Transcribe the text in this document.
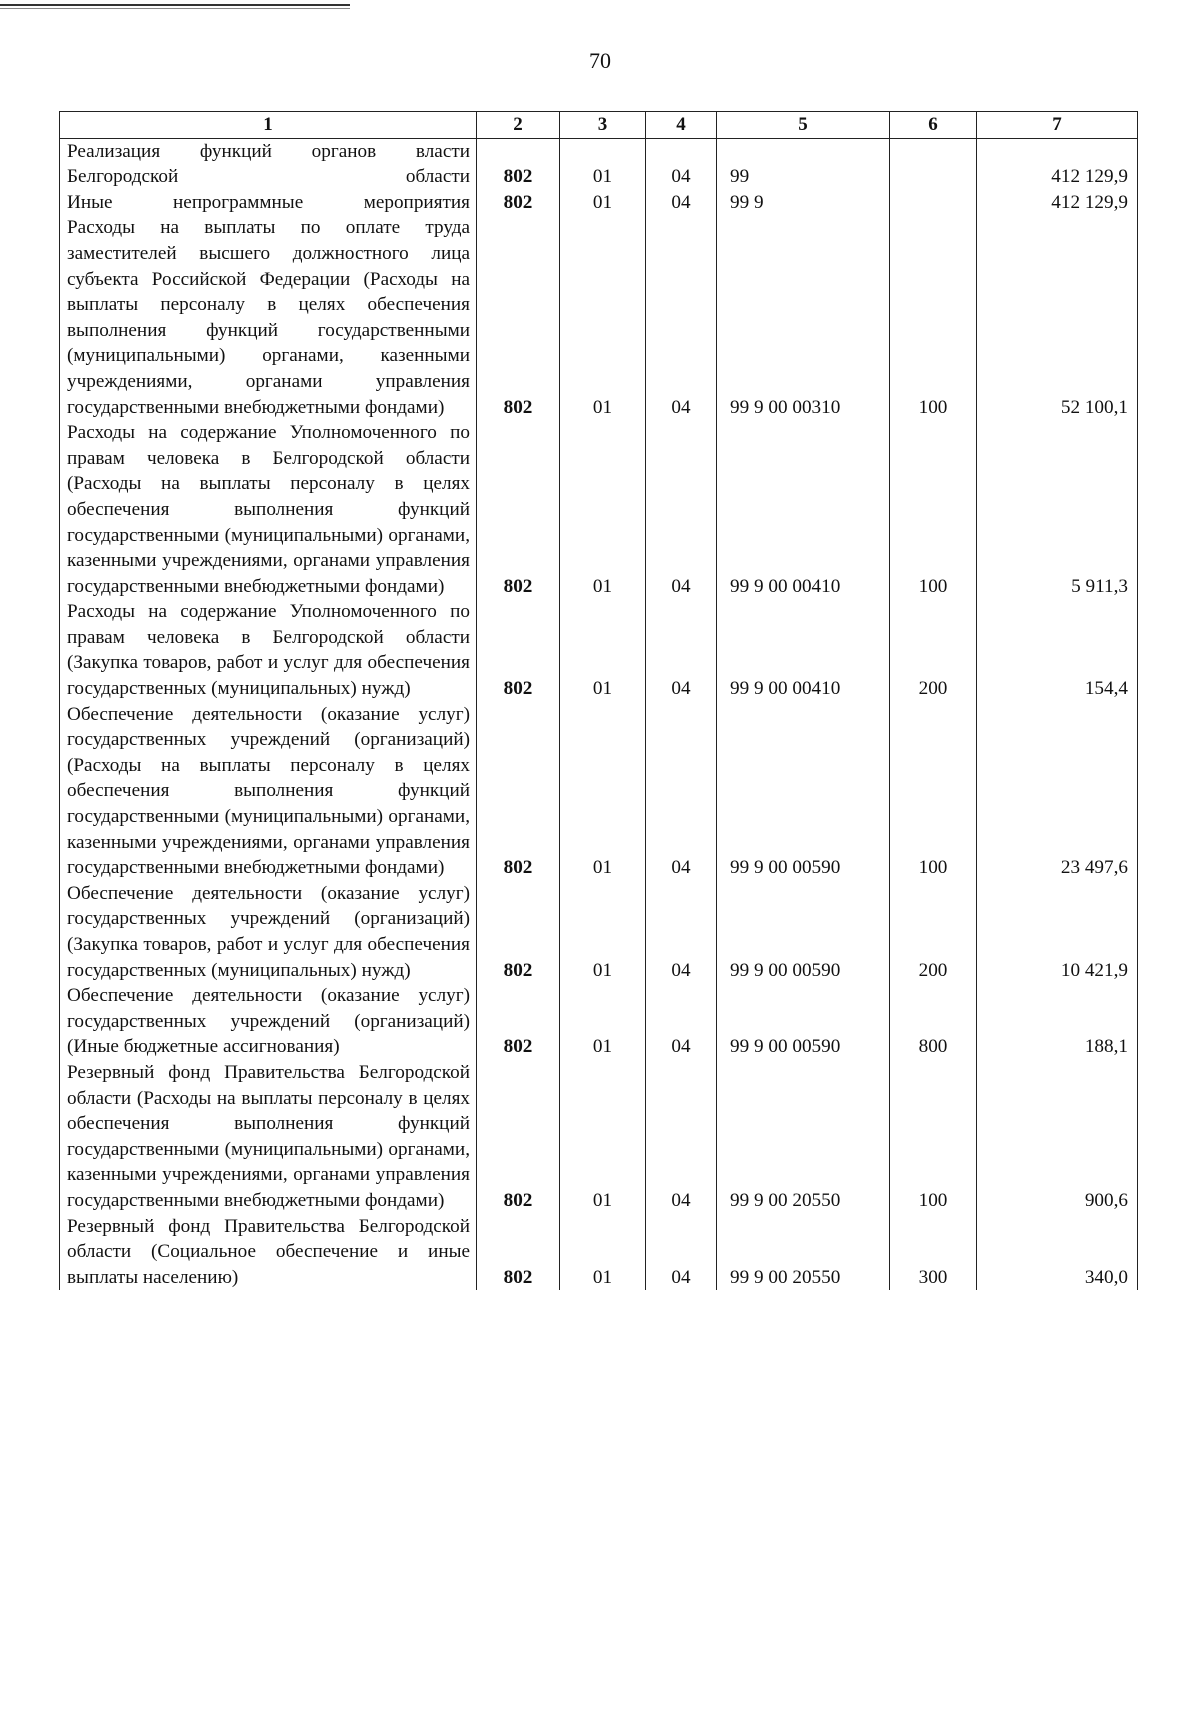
70
1	2	3	4	5	6	7
Реализация функций органов власти Белгородской области	802	01	04	99		412 129,9
Иные непрограммные мероприятия	802	01	04	99 9		412 129,9
Расходы на выплаты по оплате труда заместителей высшего должностного лица субъекта Российской Федерации (Расходы на выплаты персоналу в целях обеспечения выполнения функций государственными (муниципальными) органами, казенными учреждениями, органами управления государственными внебюджетными фондами)	802	01	04	99 9 00 00310	100	52 100,1
Расходы на содержание Уполномоченного по правам человека в Белгородской области (Расходы на выплаты персоналу в целях обеспечения выполнения функций государственными (муниципальными) органами, казенными учреждениями, органами управления государственными внебюджетными фондами)	802	01	04	99 9 00 00410	100	5 911,3
Расходы на содержание Уполномоченного по правам человека в Белгородской области (Закупка товаров, работ и услуг для обеспечения государственных (муниципальных) нужд)	802	01	04	99 9 00 00410	200	154,4
Обеспечение деятельности (оказание услуг) государственных учреждений (организаций) (Расходы на выплаты персоналу в целях обеспечения выполнения функций государственными (муниципальными) органами, казенными учреждениями, органами управления государственными внебюджетными фондами)	802	01	04	99 9 00 00590	100	23 497,6
Обеспечение деятельности (оказание услуг) государственных учреждений (организаций) (Закупка товаров, работ и услуг для обеспечения государственных (муниципальных) нужд)	802	01	04	99 9 00 00590	200	10 421,9
Обеспечение деятельности (оказание услуг) государственных учреждений (организаций) (Иные бюджетные ассигнования)	802	01	04	99 9 00 00590	800	188,1
Резервный фонд Правительства Белгородской области (Расходы на выплаты персоналу в целях обеспечения выполнения функций государственными (муниципальными) органами, казенными учреждениями, органами управления государственными внебюджетными фондами)	802	01	04	99 9 00 20550	100	900,6
Резервный фонд Правительства Белгородской области (Социальное обеспечение и иные выплаты населению)	802	01	04	99 9 00 20550	300	340,0
